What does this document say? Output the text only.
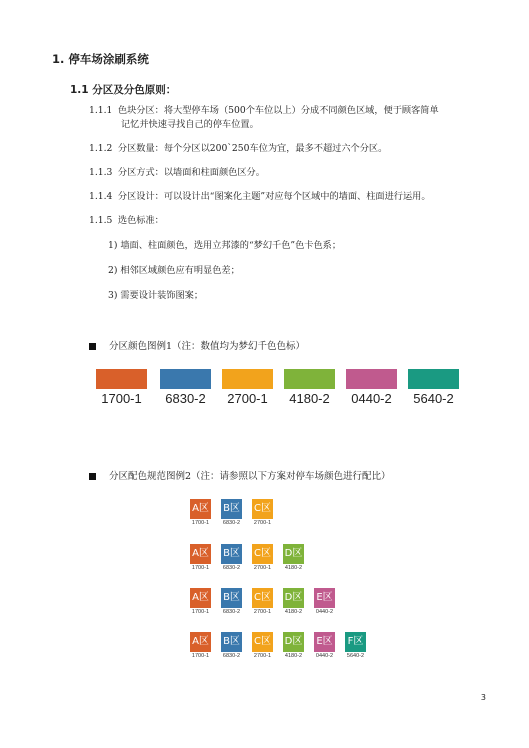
1. 停车场涂刷系统
1.1 分区及分色原则：
1.1.1 色块分区：将大型停车场（500个车位以上）分成不同颜色区域，便于顾客简单
记忆并快速寻找自己的停车位置。
1.1.2 分区数量：每个分区以200`250车位为宜，最多不超过六个分区。
1.1.3 分区方式：以墙面和柱面颜色区分。
1.1.4 分区设计：可以设计出“图案化主题”对应每个区域中的墙面、柱面进行运用。
1.1.5 选色标准：
1) 墙面、柱面颜色，选用立邦漆的“梦幻千色”色卡色系；
2) 相邻区域颜色应有明显色差；
3) 需要设计装饰图案；
分区颜色图例1（注：数值均为梦幻千色色标）
1700-1	6830-2	2700-1	4180-2	0440-2	5640-2
分区配色规范图例2（注：请参照以下方案对停车场颜色进行配比）
A区
1700-1
B区
6830-2
C区
2700-1
A区
1700-1
B区
6830-2
C区
2700-1
D区
4180-2
A区
1700-1
B区
6830-2
C区
2700-1
D区
4180-2
E区
0440-2
A区
1700-1
B区
6830-2
C区
2700-1
D区
4180-2
E区
0440-2
F区
5640-2
3
